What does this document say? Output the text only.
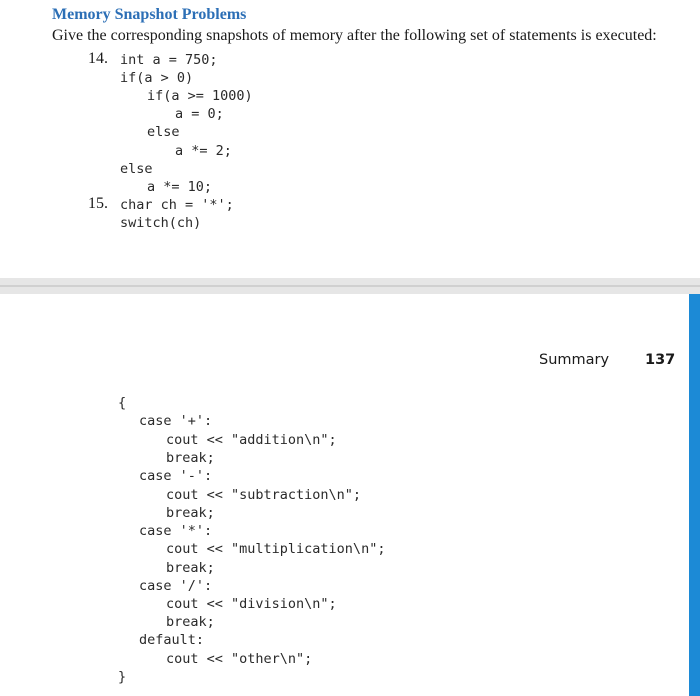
Memory Snapshot Problems
Give the corresponding snapshots of memory after the following set of statements is executed:
14. int a = 750;
if(a > 0)
if(a >= 1000)
a = 0;
else
a *= 2;
else
a *= 10;
15. char ch = '*';
switch(ch)
Summary 137
{
case '+':
cout << "addition\n";
break;
case '-':
cout << "subtraction\n";
break;
case '*':
cout << "multiplication\n";
break;
case '/':
cout << "division\n";
break;
default:
cout << "other\n";
}
